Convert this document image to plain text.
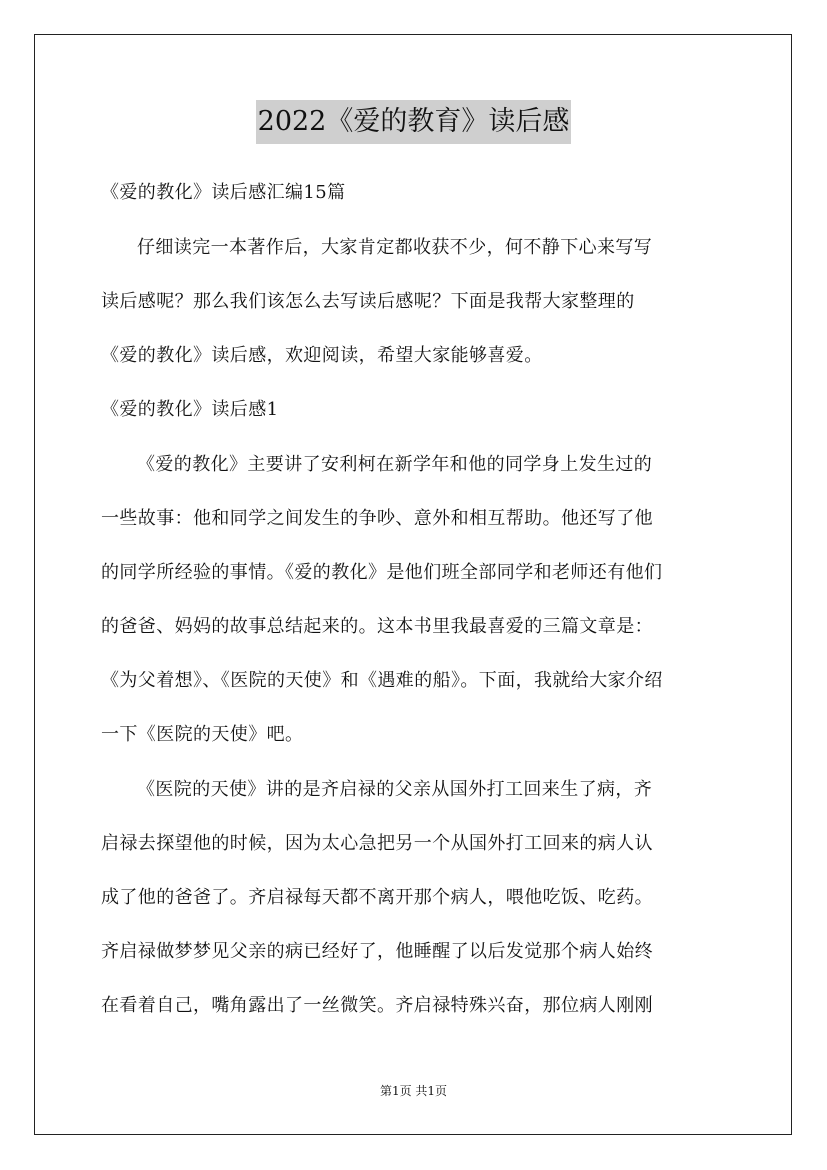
2022《爱的教育》读后感
《爱的教化》读后感汇编15篇
仔细读完一本著作后，大家肯定都收获不少，何不静下心来写写
读后感呢？那么我们该怎么去写读后感呢？下面是我帮大家整理的
《爱的教化》读后感，欢迎阅读，希望大家能够喜爱。
《爱的教化》读后感1
《爱的教化》主要讲了安利柯在新学年和他的同学身上发生过的
一些故事：他和同学之间发生的争吵、意外和相互帮助。他还写了他
的同学所经验的事情。《爱的教化》是他们班全部同学和老师还有他们
的爸爸、妈妈的故事总结起来的。这本书里我最喜爱的三篇文章是：
《为父着想》、《医院的天使》和《遇难的船》。下面，我就给大家介绍
一下《医院的天使》吧。
《医院的天使》讲的是齐启禄的父亲从国外打工回来生了病，齐
启禄去探望他的时候，因为太心急把另一个从国外打工回来的病人认
成了他的爸爸了。齐启禄每天都不离开那个病人，喂他吃饭、吃药。
齐启禄做梦梦见父亲的病已经好了，他睡醒了以后发觉那个病人始终
在看着自己，嘴角露出了一丝微笑。齐启禄特殊兴奋，那位病人刚刚
第1页 共1页
